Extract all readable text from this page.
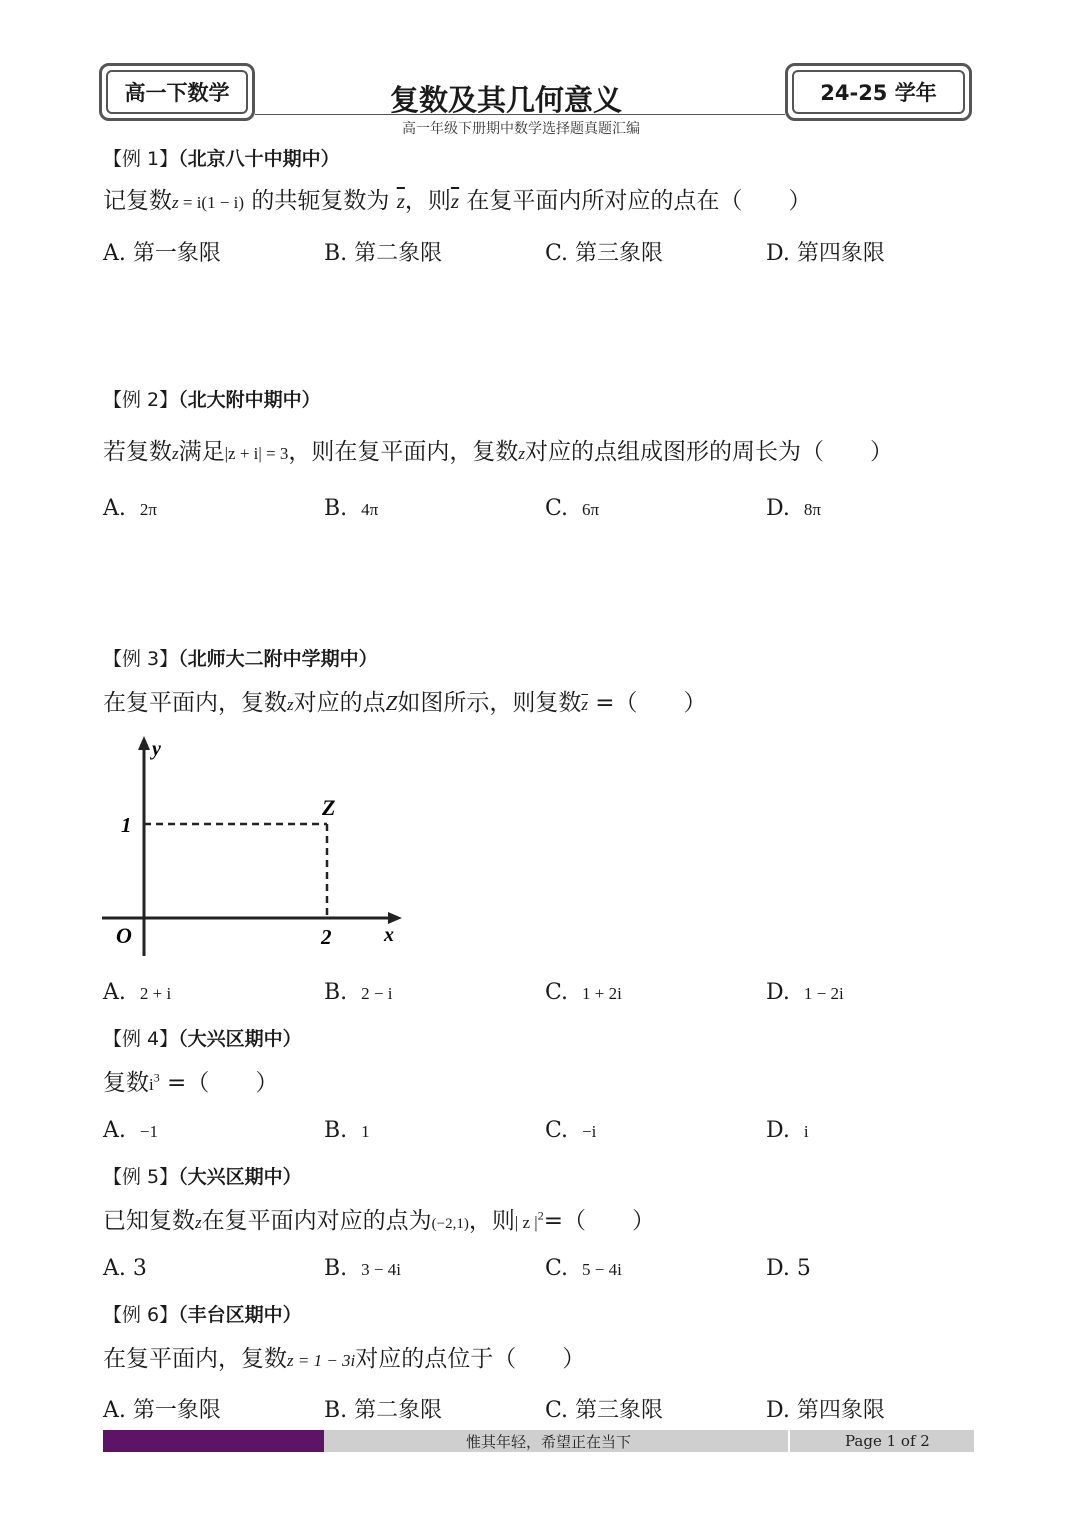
高一下数学	复数及其几何意义
高一年级下册期中数学选择题真题汇编
24-25 学年
【例 1】（北京八十中期中）
记复数z = i(1 − i) 的共轭复数为 $\overline{z}$，则$\overline{z}$ 在复平面内所对应的点在（　　）
A. 第一象限	B. 第二象限	C. 第三象限	D. 第四象限
【例 2】（北大附中期中）
若复数z满足|z + i| = 3，则在复平面内，复数z对应的点组成图形的周长为（　　）
A. 2π	B. 4π	C. 6π	D. 8π
【例 3】（北师大二附中学期中）
在复平面内，复数z对应的点Z如图所示，则复数$\overline{z}$ =（　　）
y
x
O
Z
2
1
A. 2 + i	B. 2 − i	C. 1 + 2i	D. 1 − 2i
【例 4】（大兴区期中）
复数$i^3$ =（　　）
A. −1	B. 1	C. −i	D. i
【例 5】（大兴区期中）
已知复数z在复平面内对应的点为(−2,1)，则| z $|^2=$（　　）
A. 3	B. 3 − 4i	C. 5 − 4i	D. 5
【例 6】（丰台区期中）
在复平面内，复数z = 1 − 3i对应的点位于（　　）
A. 第一象限	B. 第二象限	C. 第三象限	D. 第四象限
惟其年轻，希望正在当下	Page 1 of 2
